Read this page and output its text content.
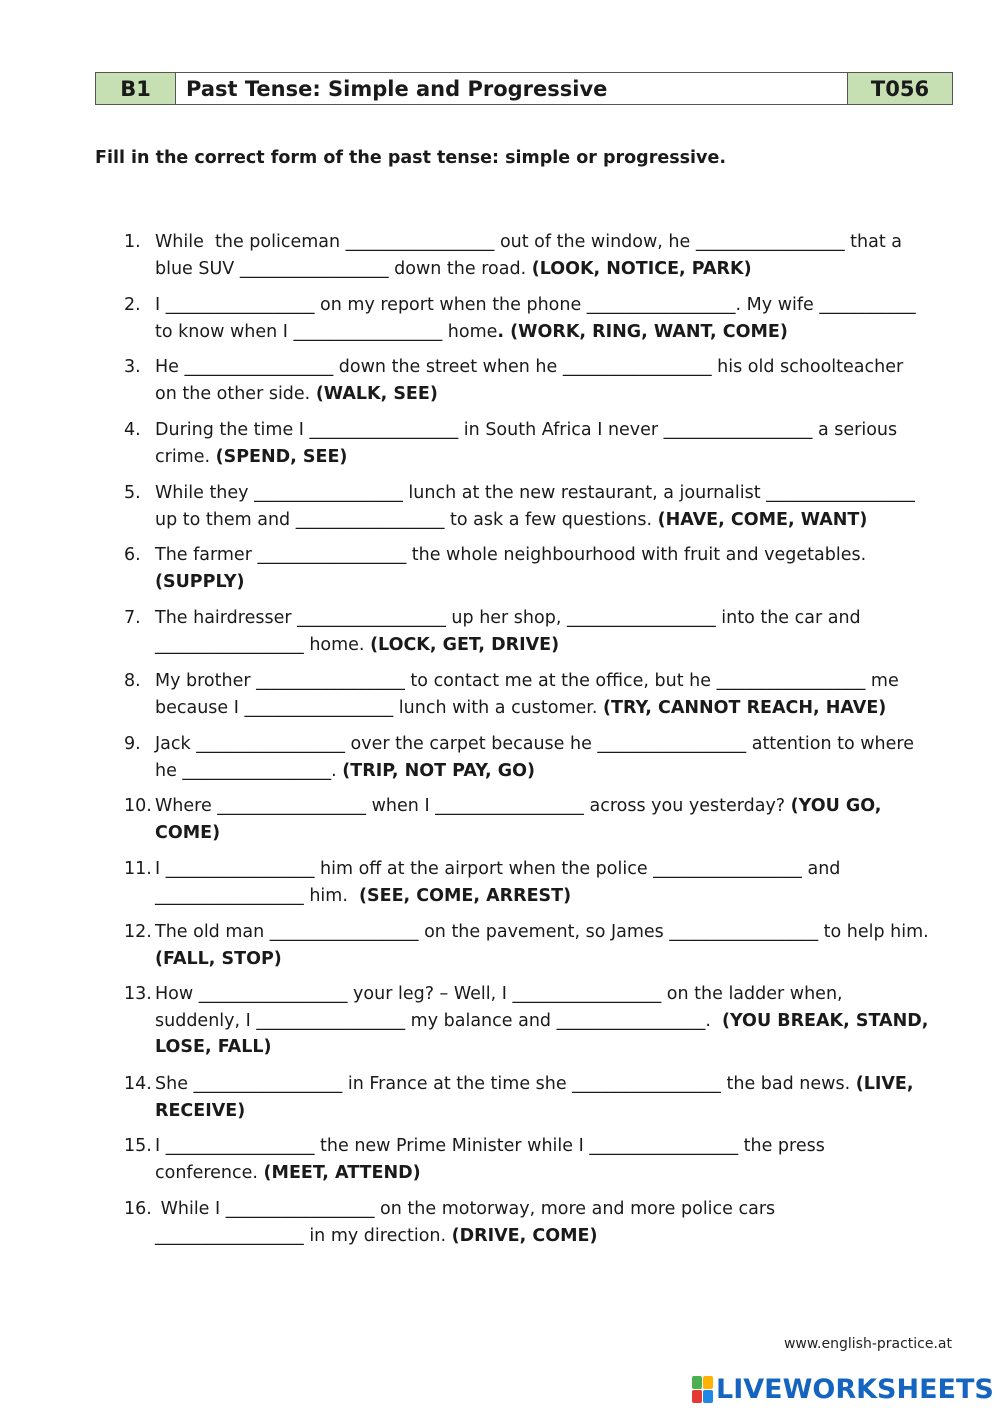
B1	Past Tense: Simple and Progressive	T056
Fill in the correct form of the past tense: simple or progressive.
1. While  the policeman _________________ out of the window, he _________________ that a
blue SUV _________________ down the road. (LOOK, NOTICE, PARK)
2. I _________________ on my report when the phone _________________. My wife ___________
to know when I _________________ home. (WORK, RING, WANT, COME)
3. He _________________ down the street when he _________________ his old schoolteacher
on the other side. (WALK, SEE)
4. During the time I _________________ in South Africa I never _________________ a serious
crime. (SPEND, SEE)
5. While they _________________ lunch at the new restaurant, a journalist _________________
up to them and _________________ to ask a few questions. (HAVE, COME, WANT)
6. The farmer _________________ the whole neighbourhood with fruit and vegetables.
(SUPPLY)
7. The hairdresser _________________ up her shop, _________________ into the car and
_________________ home. (LOCK, GET, DRIVE)
8. My brother _________________ to contact me at the office, but he _________________ me
because I _________________ lunch with a customer. (TRY, CANNOT REACH, HAVE)
9. Jack _________________ over the carpet because he _________________ attention to where
he _________________. (TRIP, NOT PAY, GO)
10. Where _________________ when I _________________ across you yesterday? (YOU GO,
COME)
11. I _________________ him off at the airport when the police _________________ and
_________________ him.  (SEE, COME, ARREST)
12. The old man _________________ on the pavement, so James _________________ to help him.
(FALL, STOP)
13. How _________________ your leg? – Well, I _________________ on the ladder when,
suddenly, I _________________ my balance and _________________.  (YOU BREAK, STAND,
LOSE, FALL)
14. She _________________ in France at the time she _________________ the bad news. (LIVE,
RECEIVE)
15. I _________________ the new Prime Minister while I _________________ the press
conference. (MEET, ATTEND)
16. While I _________________ on the motorway, more and more police cars
_________________ in my direction. (DRIVE, COME)
www.english-practice.at
LIVEWORKSHEETS
